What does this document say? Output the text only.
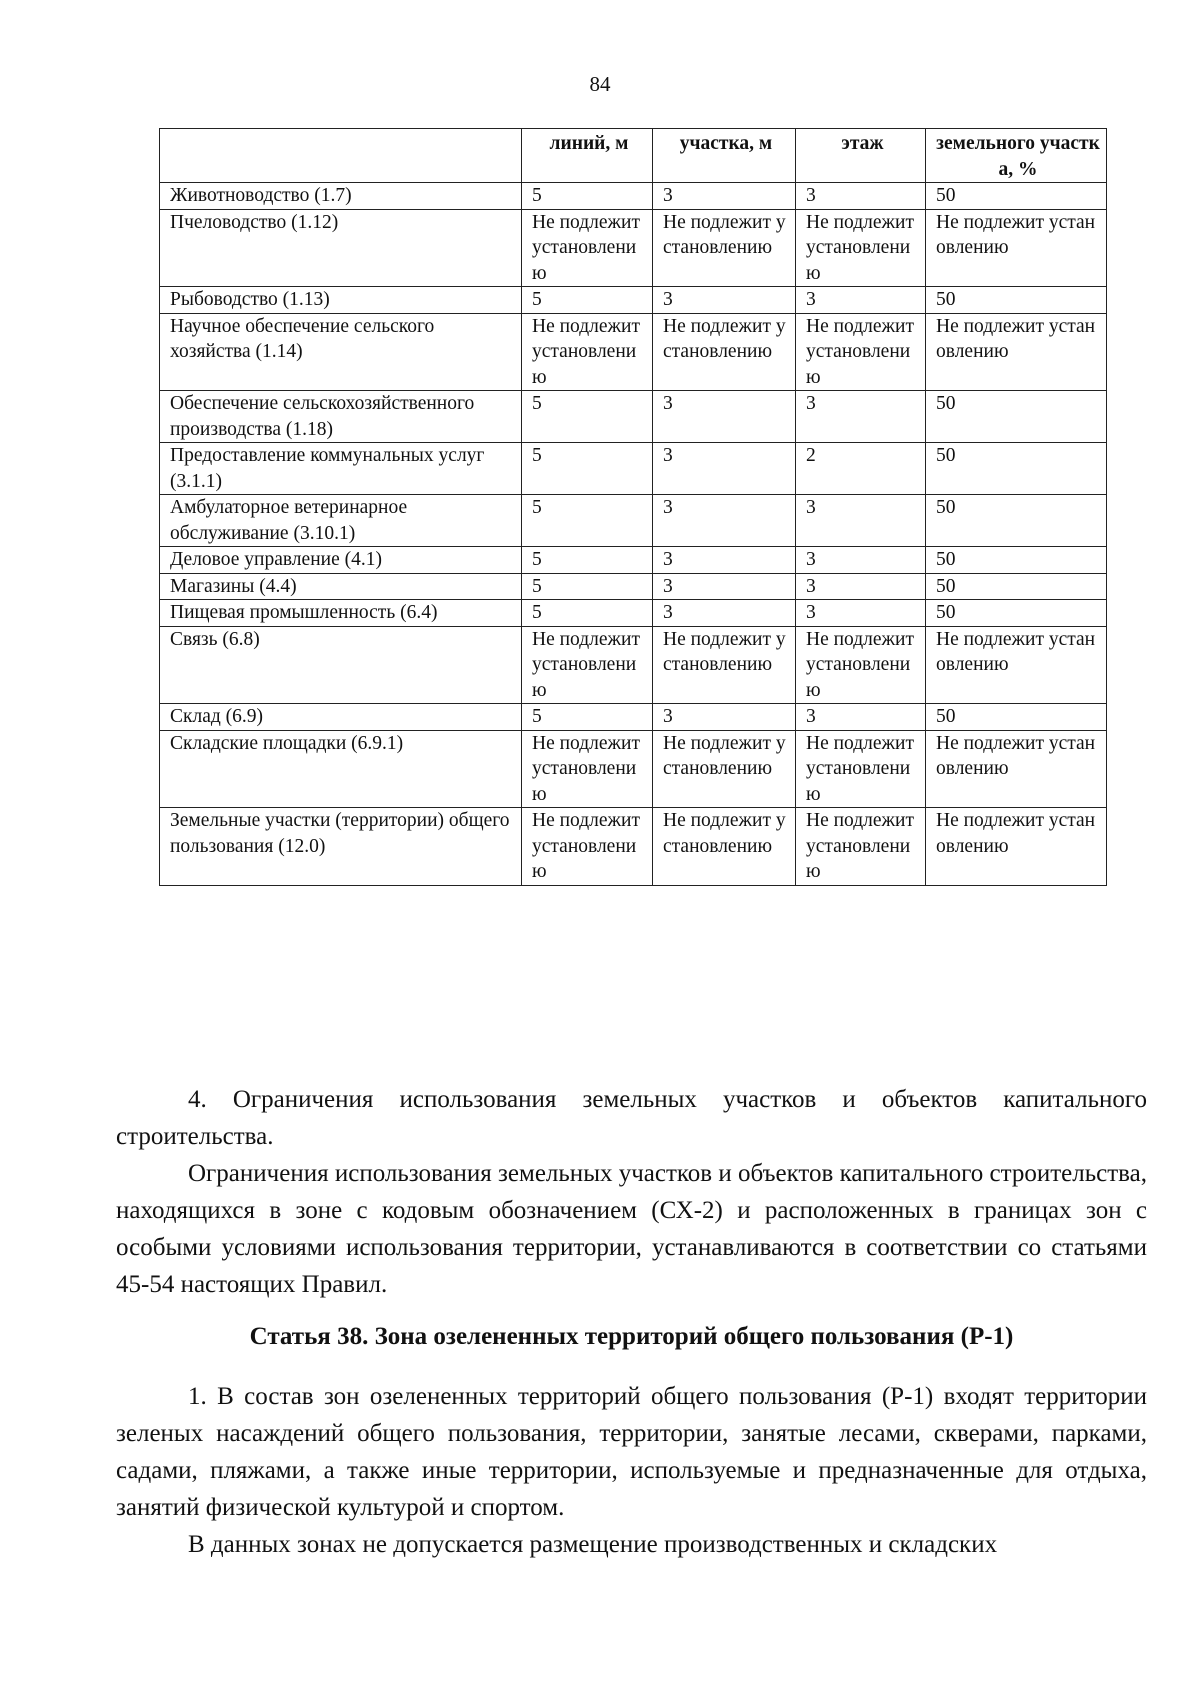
84
	линий, м	участка, м	этаж	земельного участка, %
Животноводство (1.7)	5	3	3	50
Пчеловодство (1.12)	Не подлежит установлению	Не подлежит установлению	Не подлежит установлению	Не подлежит установлению
Рыбоводство (1.13)	5	3	3	50
Научное обеспечение сельского хозяйства (1.14)	Не подлежит установлению	Не подлежит установлению	Не подлежит установлению	Не подлежит установлению
Обеспечение сельскохозяйственного производства (1.18)	5	3	3	50
Предоставление коммунальных услуг (3.1.1)	5	3	2	50
Амбулаторное ветеринарное обслуживание (3.10.1)	5	3	3	50
Деловое управление (4.1)	5	3	3	50
Магазины (4.4)	5	3	3	50
Пищевая промышленность (6.4)	5	3	3	50
Связь (6.8)	Не подлежит установлению	Не подлежит установлению	Не подлежит установлению	Не подлежит установлению
Склад (6.9)	5	3	3	50
Складские площадки (6.9.1)	Не подлежит установлению	Не подлежит установлению	Не подлежит установлению	Не подлежит установлению
Земельные участки (территории) общего пользования (12.0)	Не подлежит установлению	Не подлежит установлению	Не подлежит установлению	Не подлежит установлению

4. Ограничения использования земельных участков и объектов капитального строительства.

Ограничения использования земельных участков и объектов капитального строительства, находящихся в зоне с кодовым обозначением (СХ-2) и расположенных в границах зон с особыми условиями использования территории, устанавливаются в соответствии со статьями 45-54 настоящих Правил.

Статья 38. Зона озелененных территорий общего пользования (Р-1)

1. В состав зон озелененных территорий общего пользования (Р-1) входят территории зеленых насаждений общего пользования, территории, занятые лесами, скверами, парками, садами, пляжами, а также иные территории, используемые и предназначенные для отдыха, занятий физической культурой и спортом.

В данных зонах не допускается размещение производственных и складских
